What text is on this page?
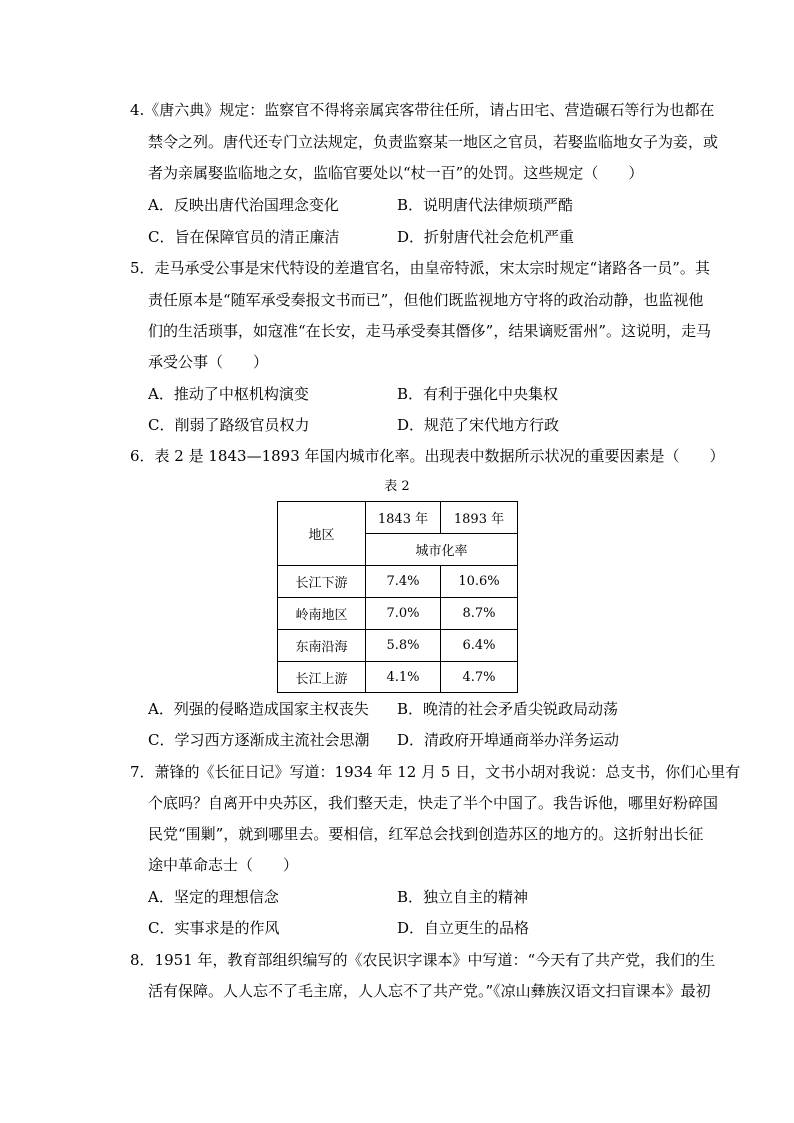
4.《唐六典》规定：监察官不得将亲属宾客带往任所，请占田宅、营造碾石等行为也都在
禁令之列。唐代还专门立法规定，负责监察某一地区之官员，若娶监临地女子为妾，或
者为亲属娶监临地之女，监临官要处以“杖一百”的处罚。这些规定（　　）
A．反映出唐代治国理念变化	B．说明唐代法律烦琐严酷
C．旨在保障官员的清正廉洁	D．折射唐代社会危机严重
5．走马承受公事是宋代特设的差遣官名，由皇帝特派，宋太宗时规定“诸路各一员”。其
责任原本是“随军承受奏报文书而已”，但他们既监视地方守将的政治动静，也监视他
们的生活琐事，如寇准“在长安，走马承受奏其僭侈”，结果谪贬雷州”。这说明，走马
承受公事（　　）
A．推动了中枢机构演变	B．有利于强化中央集权
C．削弱了路级官员权力	D．规范了宋代地方行政
6．表 2 是 1843—1893 年国内城市化率。出现表中数据所示状况的重要因素是（　　）
表 2
地区	1843 年	1893 年
	城市化率	
长江下游	7.4%	10.6%
岭南地区	7.0%	8.7%
东南沿海	5.8%	6.4%
长江上游	4.1%	4.7%
A．列强的侵略造成国家主权丧失 B．晚清的社会矛盾尖锐政局动荡
C．学习西方逐渐成主流社会思潮 D．清政府开埠通商举办洋务运动
7．萧锋的《长征日记》写道：1934 年 12 月 5 日，文书小胡对我说：总支书，你们心里有
个底吗？自离开中央苏区，我们整天走，快走了半个中国了。我告诉他，哪里好粉碎国
民党“围剿”，就到哪里去。要相信，红军总会找到创造苏区的地方的。这折射出长征
途中革命志士（　　）
A．坚定的理想信念	B．独立自主的精神
C．实事求是的作风	D．自立更生的品格
8．1951 年，教育部组织编写的《农民识字课本》中写道：“今天有了共产党，我们的生
活有保障。人人忘不了毛主席，人人忘不了共产党。”《凉山彝族汉语文扫盲课本》最初
